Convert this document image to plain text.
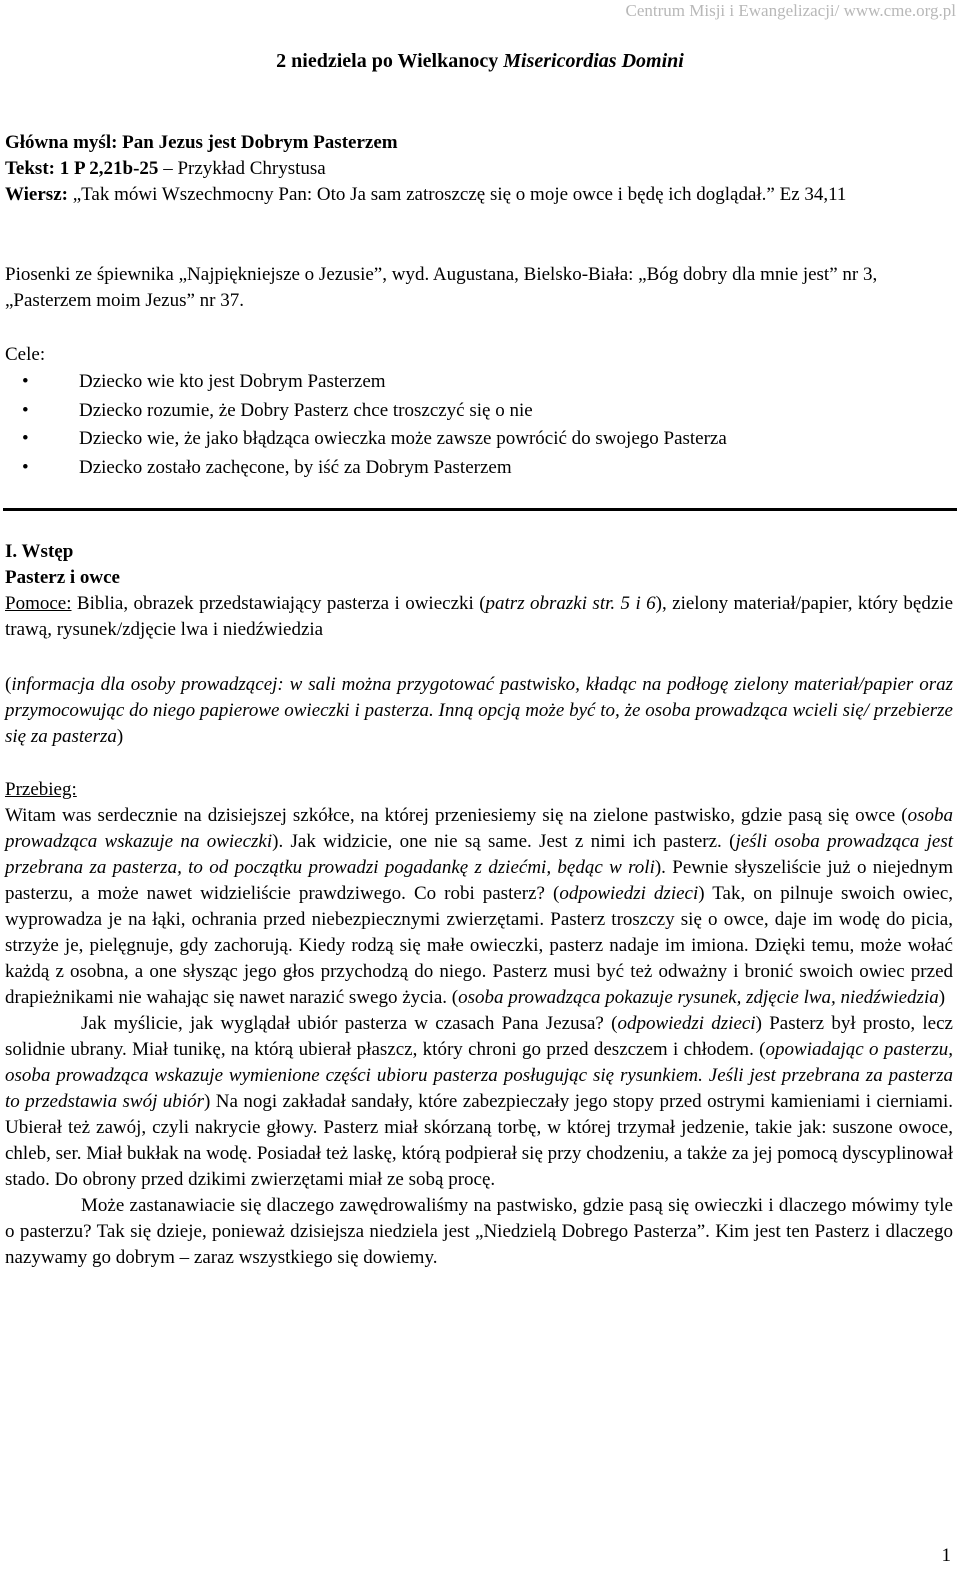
Centrum Misji i Ewangelizacji/ www.cme.org.pl
2 niedziela po Wielkanocy Misericordias Domini

Główna myśl: Pan Jezus jest Dobrym Pasterzem

Tekst: 1 P 2,21b-25 – Przykład Chrystusa

Wiersz: „Tak mówi Wszechmocny Pan: Oto Ja sam zatroszczę się o moje owce i będę ich doglądał.” Ez 34,11

Piosenki ze śpiewnika „Najpiękniejsze o Jezusie”, wyd. Augustana, Bielsko-Biała: „Bóg dobry dla mnie jest” nr 3, „Pasterzem moim Jezus” nr 37.

Cele:

• Dziecko wie kto jest Dobrym Pasterzem
• Dziecko rozumie, że Dobry Pasterz chce troszczyć się o nie
• Dziecko wie, że jako błądząca owieczka może zawsze powrócić do swojego Pasterza
• Dziecko zostało zachęcone, by iść za Dobrym Pasterzem

I. Wstęp

Pasterz i owce

Pomoce: Biblia, obrazek przedstawiający pasterza i owieczki (patrz obrazki str. 5 i 6), zielony materiał/papier, który będzie trawą, rysunek/zdjęcie lwa i niedźwiedzia

(informacja dla osoby prowadzącej: w sali można przygotować pastwisko, kładąc na podłogę zielony materiał/papier oraz przymocowując do niego papierowe owieczki i pasterza. Inną opcją może być to, że osoba prowadząca wcieli się/ przebierze się za pasterza)

Przebieg:

Witam was serdecznie na dzisiejszej szkółce, na której przeniesiemy się na zielone pastwisko, gdzie pasą się owce (osoba prowadząca wskazuje na owieczki). Jak widzicie, one nie są same. Jest z nimi ich pasterz. (jeśli osoba prowadząca jest przebrana za pasterza, to od początku prowadzi pogadankę z dziećmi, będąc w roli). Pewnie słyszeliście już o niejednym pasterzu, a może nawet widzieliście prawdziwego. Co robi pasterz? (odpowiedzi dzieci) Tak, on pilnuje swoich owiec, wyprowadza je na łąki, ochrania przed niebezpiecznymi zwierzętami. Pasterz troszczy się o owce, daje im wodę do picia, strzyże je, pielęgnuje, gdy zachorują. Kiedy rodzą się małe owieczki, pasterz nadaje im imiona. Dzięki temu, może wołać każdą z osobna, a one słysząc jego głos przychodzą do niego. Pasterz musi być też odważny i bronić swoich owiec przed drapieżnikami nie wahając się nawet narazić swego życia. (osoba prowadząca pokazuje rysunek, zdjęcie lwa, niedźwiedzia)

Jak myślicie, jak wyglądał ubiór pasterza w czasach Pana Jezusa? (odpowiedzi dzieci) Pasterz był prosto, lecz solidnie ubrany. Miał tunikę, na którą ubierał płaszcz, który chroni go przed deszczem i chłodem. (opowiadając o pasterzu, osoba prowadząca wskazuje wymienione części ubioru pasterza posługując się rysunkiem. Jeśli jest przebrana za pasterza to przedstawia swój ubiór) Na nogi zakładał sandały, które zabezpieczały jego stopy przed ostrymi kamieniami i cierniami. Ubierał też zawój, czyli nakrycie głowy. Pasterz miał skórzaną torbę, w której trzymał jedzenie, takie jak: suszone owoce, chleb, ser. Miał bukłak na wodę. Posiadał też laskę, którą podpierał się przy chodzeniu, a także za jej pomocą dyscyplinował stado. Do obrony przed dzikimi zwierzętami miał ze sobą procę.

Może zastanawiacie się dlaczego zawędrowaliśmy na pastwisko, gdzie pasą się owieczki i dlaczego mówimy tyle o pasterzu? Tak się dzieje, ponieważ dzisiejsza niedziela jest „Niedzielą Dobrego Pasterza”. Kim jest ten Pasterz i dlaczego nazywamy go dobrym – zaraz wszystkiego się dowiemy.

1
